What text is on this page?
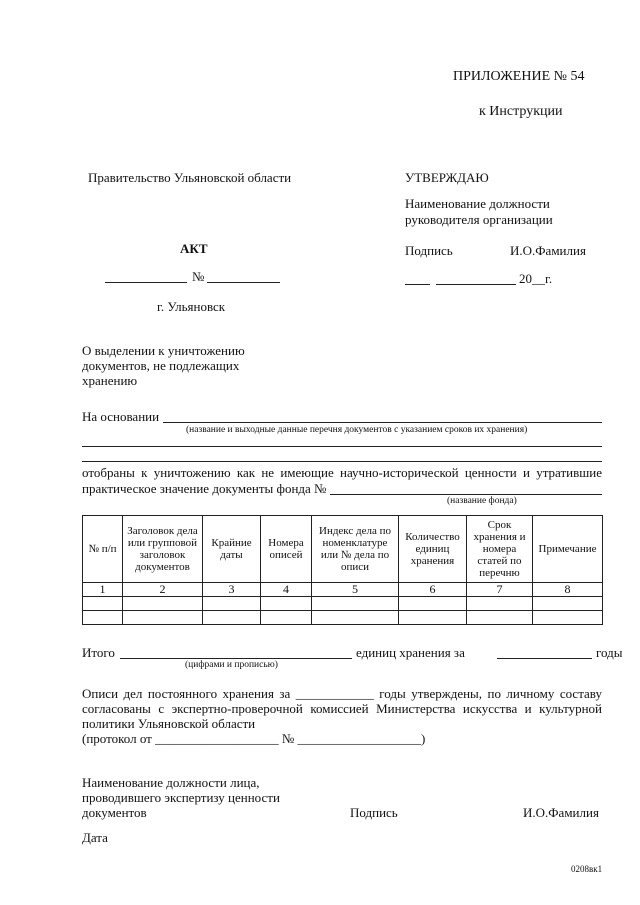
ПРИЛОЖЕНИЕ № 54
к Инструкции
Правительство Ульяновской области
АКТ
№
г. Ульяновск
УТВЕРЖДАЮ
Наименование должности
руководителя организации
Подпись	И.О.Фамилия
20__г.
О выделении к уничтожению
документов, не подлежащих
хранению
На основании
(название и выходные данные перечня документов с указанием сроков их хранения)
отобраны к уничтожению как не имеющие научно-исторической ценности и утратившие
практическое значение документы фонда №
(название фонда)
№ п/п	Заголовок дела или групповой заголовок документов	Крайние даты	Номера описей	Индекс дела по номенклатуре или № дела по описи	Количество единиц хранения	Срок хранения и номера статей по перечню	Примечание
1	2	3	4	5	6	7	8

Итого	единиц хранения за	годы
(цифрами и прописью)
Описи дел постоянного хранения за ____________ годы утверждены, по личному составу
согласованы с экспертно-проверочной комиссией Министерства искусства и культурной
политики Ульяновской области
(протокол от ___________________ № ___________________)
Наименование должности лица,
проводившего экспертизу ценности
документов	Подпись	И.О.Фамилия
Дата
0208вк1
